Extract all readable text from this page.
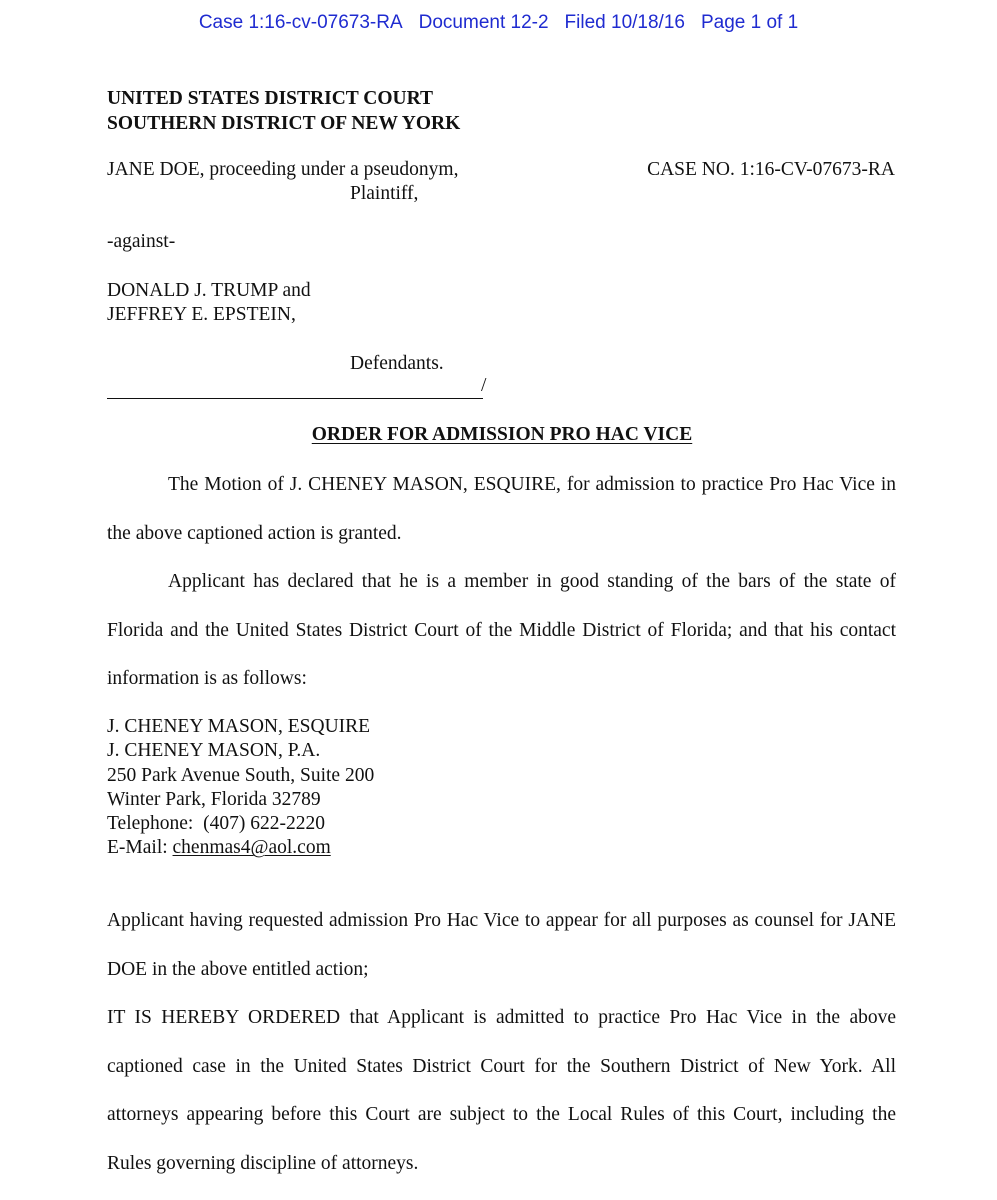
Case 1:16-cv-07673-RA Document 12-2 Filed 10/18/16 Page 1 of 1
UNITED STATES DISTRICT COURT
SOUTHERN DISTRICT OF NEW YORK
JANE DOE, proceeding under a pseudonym,
Plaintiff,
CASE NO. 1:16-CV-07673-RA
-against-
DONALD J. TRUMP and
JEFFREY E. EPSTEIN,
Defendants.
/
ORDER FOR ADMISSION PRO HAC VICE
The Motion of J. CHENEY MASON, ESQUIRE, for admission to practice Pro Hac Vice in the above captioned action is granted.
Applicant has declared that he is a member in good standing of the bars of the state of Florida and the United States District Court of the Middle District of Florida; and that his contact information is as follows:
J. CHENEY MASON, ESQUIRE
J. CHENEY MASON, P.A.
250 Park Avenue South, Suite 200
Winter Park, Florida 32789
Telephone: (407) 622-2220
E-Mail: chenmas4@aol.com
Applicant having requested admission Pro Hac Vice to appear for all purposes as counsel for JANE DOE in the above entitled action;
IT IS HEREBY ORDERED that Applicant is admitted to practice Pro Hac Vice in the above captioned case in the United States District Court for the Southern District of New York. All attorneys appearing before this Court are subject to the Local Rules of this Court, including the Rules governing discipline of attorneys.
